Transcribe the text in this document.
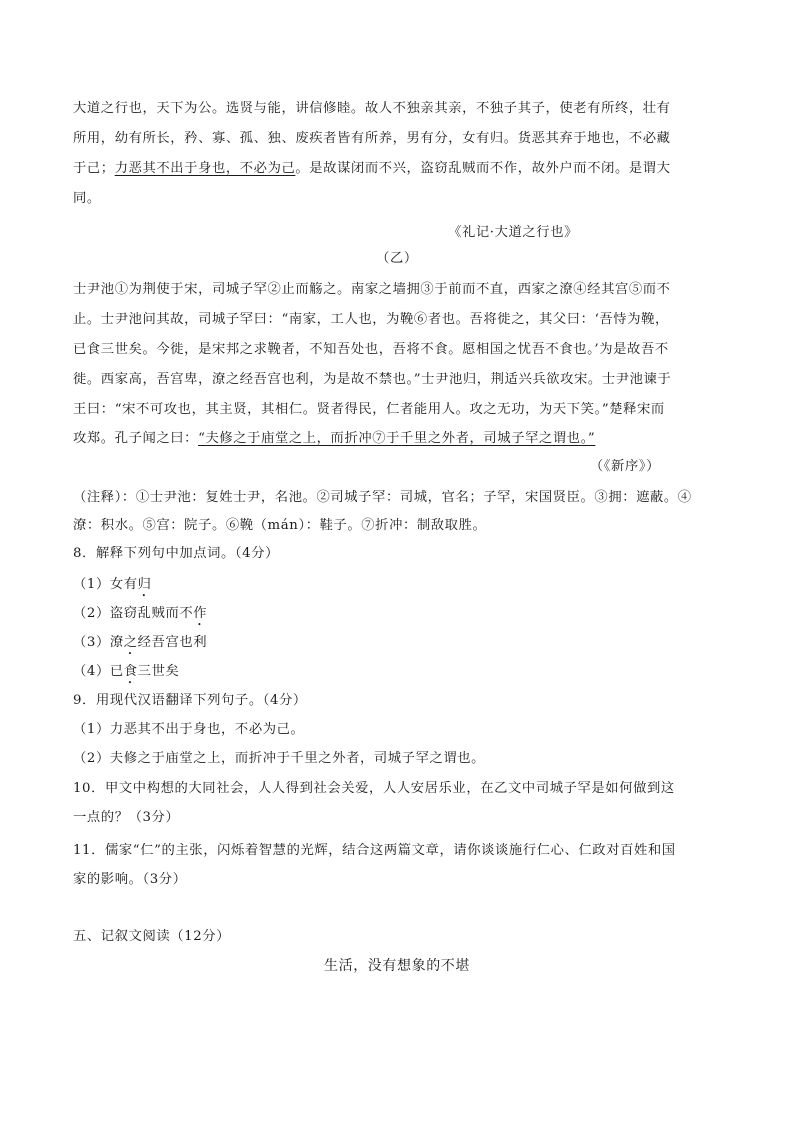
大道之行也，天下为公。选贤与能，讲信修睦。故人不独亲其亲，不独子其子，使老有所终，壮有
所用，幼有所长，矜、寡、孤、独、废疾者皆有所养，男有分，女有归。货恶其弃于地也，不必藏
于己；力恶其不出于身也，不必为己。是故谋闭而不兴，盗窃乱贼而不作，故外户而不闭。是谓大
同。
《礼记·大道之行也》
（乙）
士尹池①为荆使于宋，司城子罕②止而觞之。南家之墙拥③于前而不直，西家之潦④经其宫⑤而不
止。士尹池问其故，司城子罕曰：“南家，工人也，为鞔⑥者也。吾将徙之，其父曰：‘吾恃为鞔，
已食三世矣。今徙，是宋邦之求鞔者，不知吾处也，吾将不食。愿相国之忧吾不食也。’为是故吾不
徙。西家高，吾宫卑，潦之经吾宫也利，为是故不禁也。”士尹池归，荆适兴兵欲攻宋。士尹池谏于
王曰：“宋不可攻也，其主贤，其相仁。贤者得民，仁者能用人。攻之无功，为天下笑。”楚释宋而
攻郑。孔子闻之曰：“夫修之于庙堂之上，而折冲⑦于千里之外者，司城子罕之谓也。”
（《新序》）
（注释）：①士尹池：复姓士尹，名池。②司城子罕：司城，官名；子罕，宋国贤臣。③拥：遮蔽。④
潦：积水。⑤宫：院子。⑥鞔（mán）：鞋子。⑦折冲：制敌取胜。
8．解释下列句中加点词。（4分）
（1）女有归
（2）盗窃乱贼而不作
（3）潦之经吾宫也利
（4）已食三世矣
9．用现代汉语翻译下列句子。（4分）
（1）力恶其不出于身也，不必为己。
（2）夫修之于庙堂之上，而折冲于千里之外者，司城子罕之谓也。
10．甲文中构想的大同社会，人人得到社会关爱，人人安居乐业，在乙文中司城子罕是如何做到这
一点的？（3分）
11．儒家“仁”的主张，闪烁着智慧的光辉，结合这两篇文章，请你谈谈施行仁心、仁政对百姓和国
家的影响。（3分）
五、记叙文阅读（12分）
生活，没有想象的不堪
